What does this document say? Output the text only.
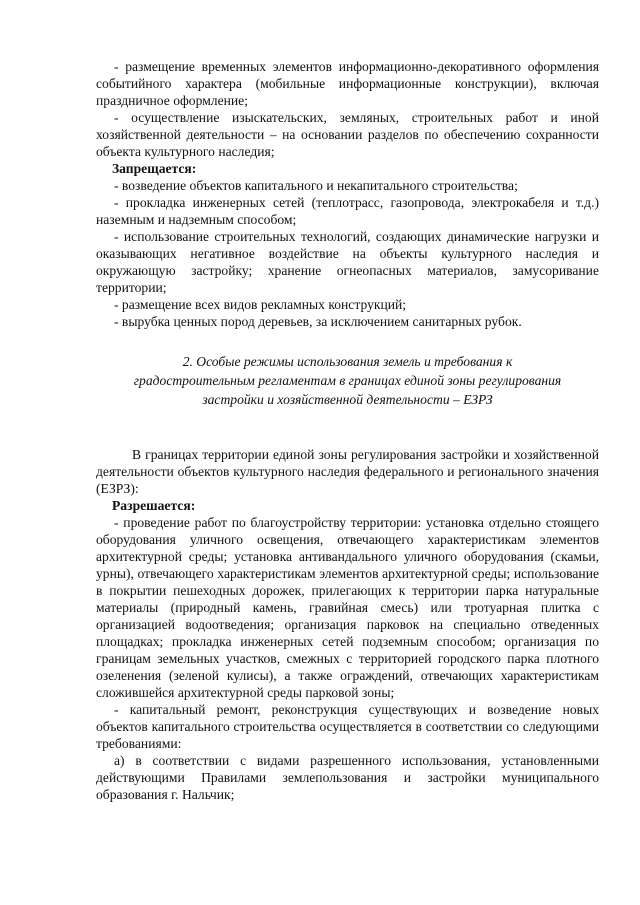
- размещение временных элементов информационно-декоративного оформления событийного характера (мобильные информационные конструкции), включая праздничное оформление;

- осуществление изыскательских, земляных, строительных работ и иной хозяйственной деятельности – на основании разделов по обеспечению сохранности объекта культурного наследия;

Запрещается:

- возведение объектов капитального и некапитального строительства;

- прокладка инженерных сетей (теплотрасс, газопровода, электрокабеля и т.д.) наземным и надземным способом;

- использование строительных технологий, создающих динамические нагрузки и оказывающих негативное воздействие на объекты культурного наследия и окружающую застройку; хранение огнеопасных материалов, замусоривание территории;

- размещение всех видов рекламных конструкций;

- вырубка ценных пород деревьев, за исключением санитарных рубок.

2. Особые режимы использования земель и требования к
градостроительным регламентам в границах единой зоны регулирования
застройки и хозяйственной деятельности – ЕЗРЗ

В границах территории единой зоны регулирования застройки и хозяйственной деятельности объектов культурного наследия федерального и регионального значения (ЕЗРЗ):

Разрешается:

- проведение работ по благоустройству территории: установка отдельно стоящего оборудования уличного освещения, отвечающего характеристикам элементов архитектурной среды; установка антивандального уличного оборудования (скамьи, урны), отвечающего характеристикам элементов архитектурной среды; использование в покрытии пешеходных дорожек, прилегающих к территории парка натуральные материалы (природный камень, гравийная смесь) или тротуарная плитка с организацией водоотведения; организация парковок на специально отведенных площадках; прокладка инженерных сетей подземным способом; организация по границам земельных участков, смежных с территорией городского парка плотного озеленения (зеленой кулисы), а также ограждений, отвечающих характеристикам сложившейся архитектурной среды парковой зоны;

- капитальный ремонт, реконструкция существующих и возведение новых объектов капитального строительства осуществляется в соответствии со следующими требованиями:

а) в соответствии с видами разрешенного использования, установленными действующими Правилами землепользования и застройки муниципального образования г. Нальчик;
